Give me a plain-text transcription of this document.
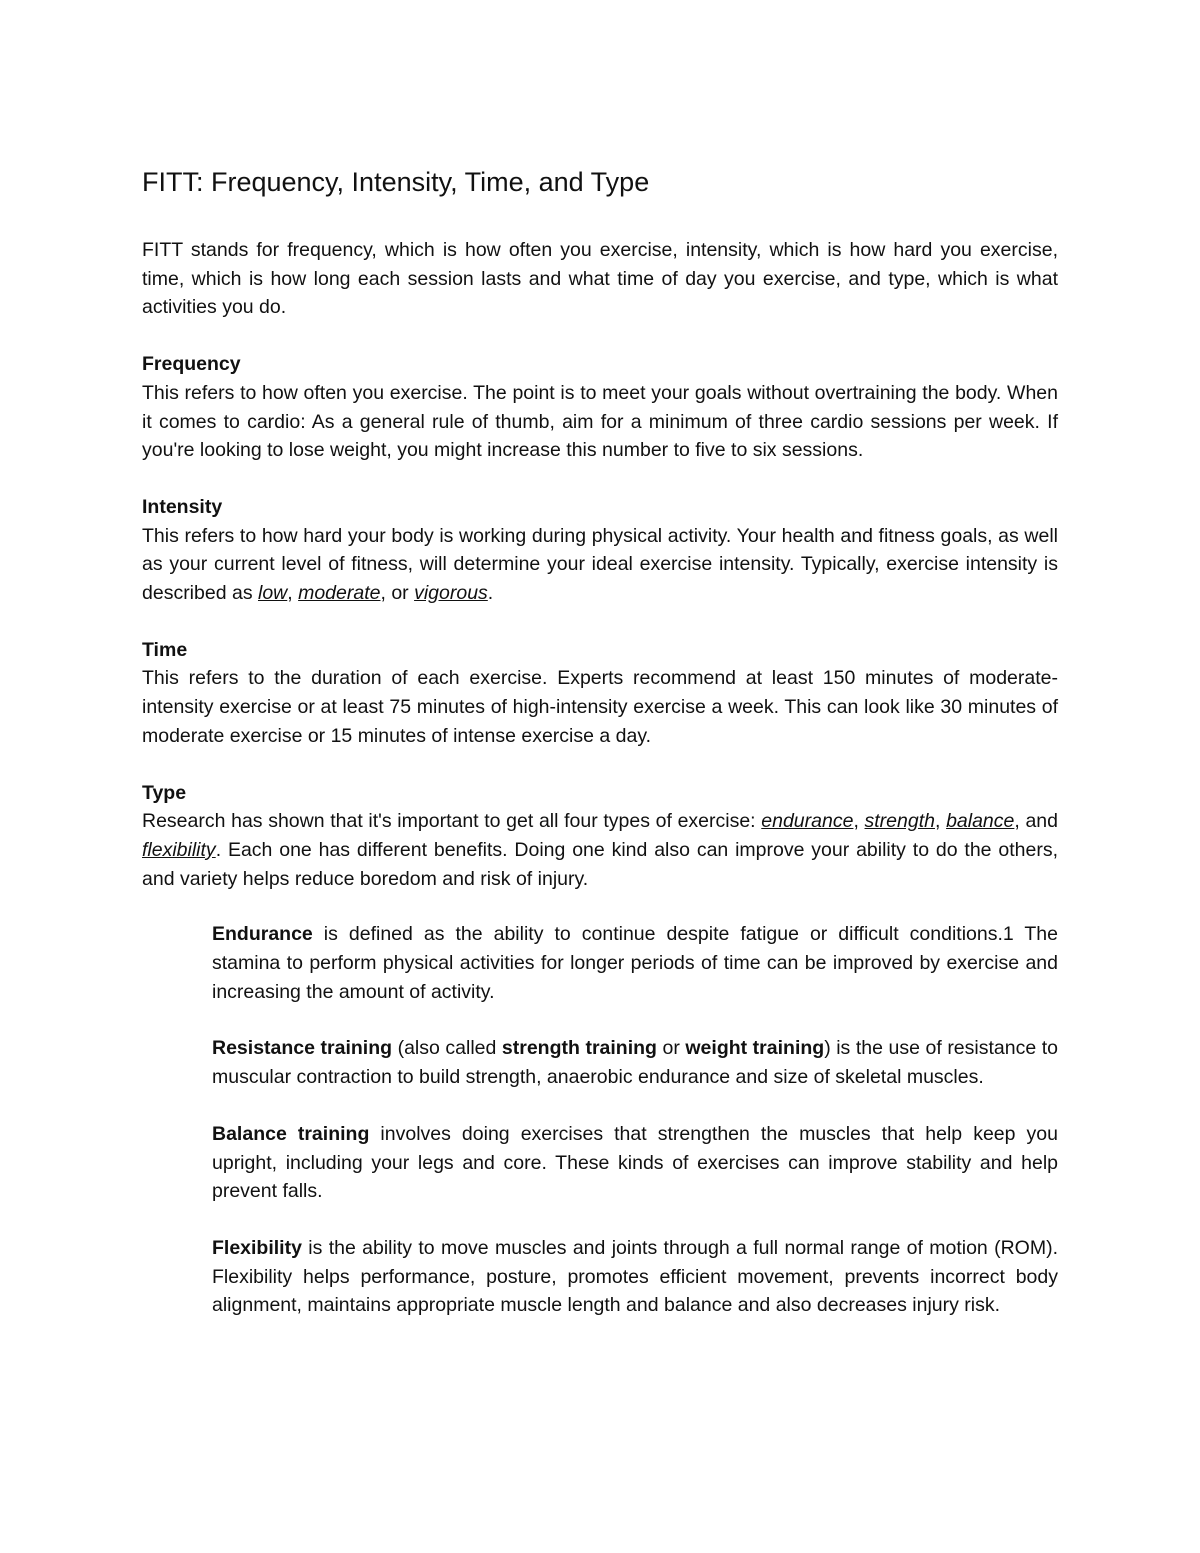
FITT: Frequency, Intensity, Time, and Type

FITT stands for frequency, which is how often you exercise, intensity, which is how hard you exercise, time, which is how long each session lasts and what time of day you exercise, and type, which is what activities you do.

Frequency

This refers to how often you exercise. The point is to meet your goals without overtraining the body. When it comes to cardio: As a general rule of thumb, aim for a minimum of three cardio sessions per week. If you're looking to lose weight, you might increase this number to five to six sessions.

Intensity

This refers to how hard your body is working during physical activity. Your health and fitness goals, as well as your current level of fitness, will determine your ideal exercise intensity. Typically, exercise intensity is described as low, moderate, or vigorous.

Time

This refers to the duration of each exercise. Experts recommend at least 150 minutes of moderate-intensity exercise or at least 75 minutes of high-intensity exercise a week. This can look like 30 minutes of moderate exercise or 15 minutes of intense exercise a day.

Type

Research has shown that it's important to get all four types of exercise: endurance, strength, balance, and flexibility. Each one has different benefits. Doing one kind also can improve your ability to do the others, and variety helps reduce boredom and risk of injury.

Endurance is defined as the ability to continue despite fatigue or difficult conditions.1 The stamina to perform physical activities for longer periods of time can be improved by exercise and increasing the amount of activity.

Resistance training (also called strength training or weight training) is the use of resistance to muscular contraction to build strength, anaerobic endurance and size of skeletal muscles.

Balance training involves doing exercises that strengthen the muscles that help keep you upright, including your legs and core. These kinds of exercises can improve stability and help prevent falls.

Flexibility is the ability to move muscles and joints through a full normal range of motion (ROM). Flexibility helps performance, posture, promotes efficient movement, prevents incorrect body alignment, maintains appropriate muscle length and balance and also decreases injury risk.
